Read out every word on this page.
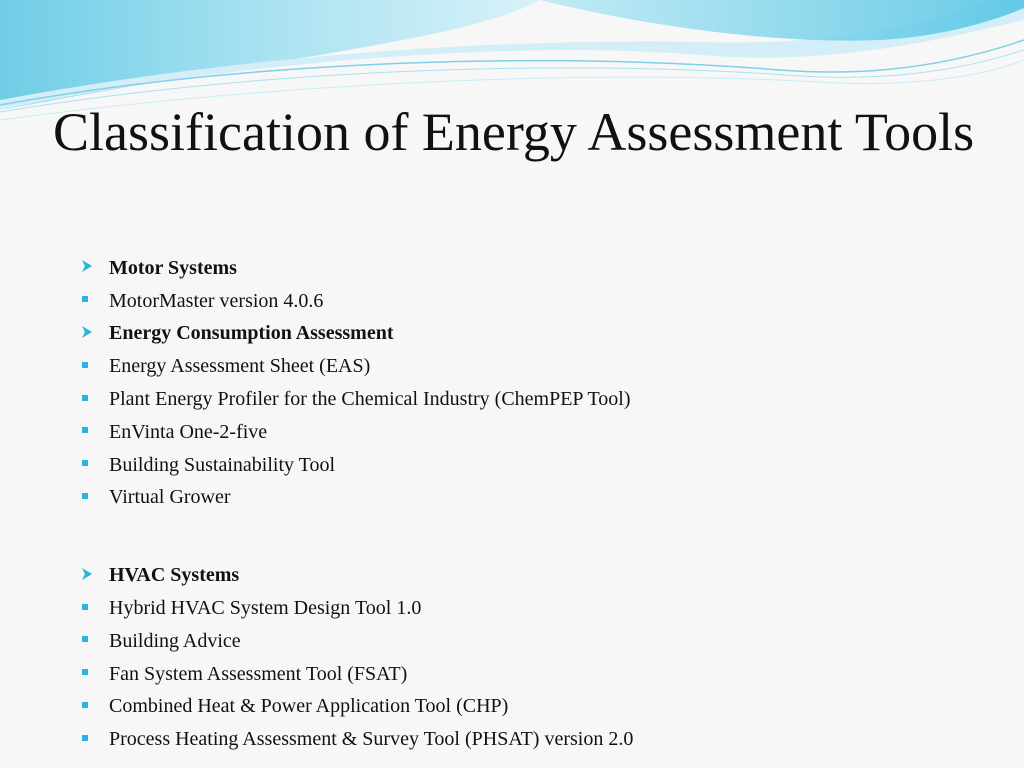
Classification of Energy Assessment Tools
Motor Systems
MotorMaster version 4.0.6
Energy Consumption Assessment
Energy Assessment Sheet (EAS)
Plant Energy Profiler for the Chemical Industry (ChemPEP Tool)
EnVinta One-2-five
Building Sustainability Tool
Virtual Grower
HVAC Systems
Hybrid HVAC System Design Tool 1.0
Building Advice
Fan System Assessment Tool (FSAT)
Combined Heat & Power Application Tool (CHP)
Process Heating Assessment & Survey Tool (PHSAT) version 2.0
